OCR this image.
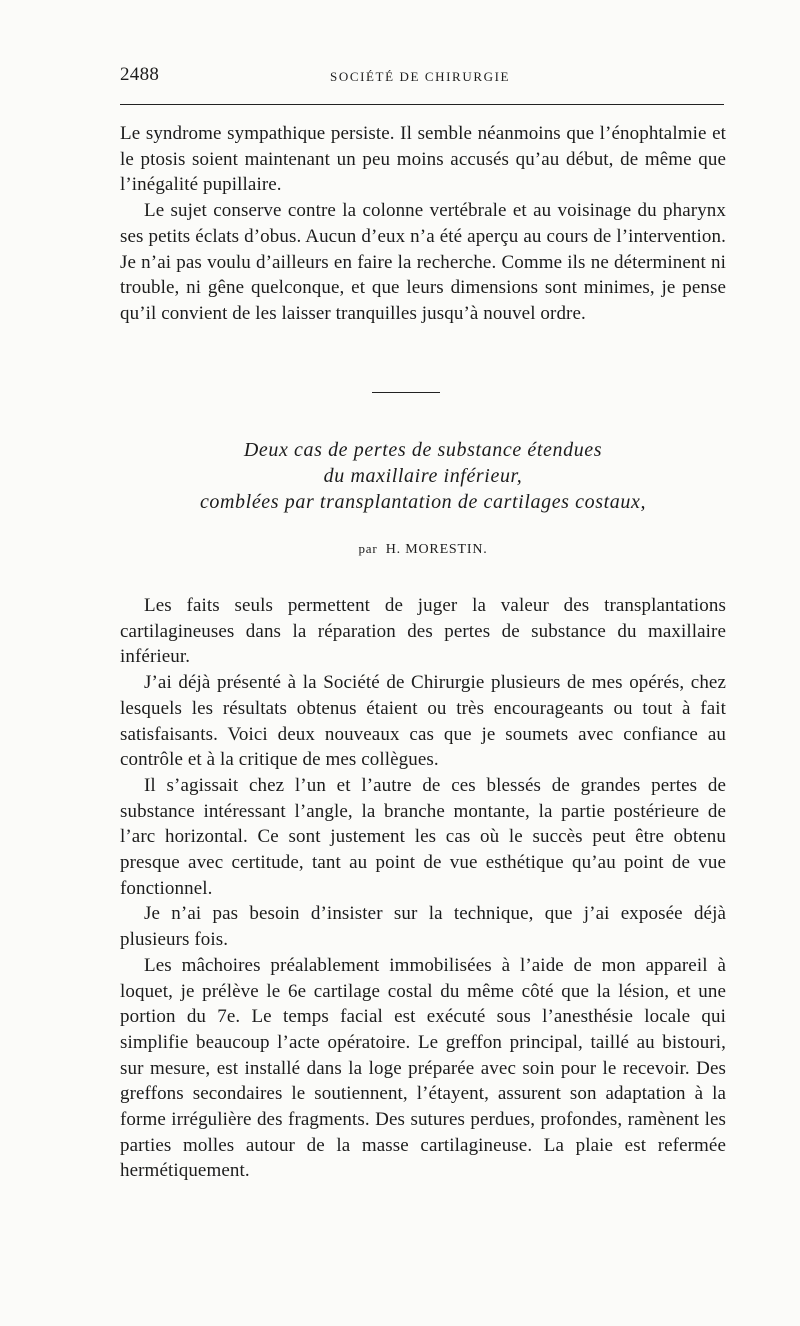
2488	SOCIÉTÉ DE CHIRURGIE

Le syndrome sympathique persiste. Il semble néanmoins que l’énophtalmie et le ptosis soient maintenant un peu moins accusés qu’au début, de même que l’inégalité pupillaire.

Le sujet conserve contre la colonne vertébrale et au voisinage du pharynx ses petits éclats d’obus. Aucun d’eux n’a été aperçu au cours de l’intervention. Je n’ai pas voulu d’ailleurs en faire la recherche. Comme ils ne déterminent ni trouble, ni gêne quelconque, et que leurs dimensions sont minimes, je pense qu’il convient de les laisser tranquilles jusqu’à nouvel ordre.

Deux cas de pertes de substance étendues
du maxillaire inférieur,
comblées par transplantation de cartilages costaux,
par H. MORESTIN.

Les faits seuls permettent de juger la valeur des transplantations cartilagineuses dans la réparation des pertes de substance du maxillaire inférieur.

J’ai déjà présenté à la Société de Chirurgie plusieurs de mes opérés, chez lesquels les résultats obtenus étaient ou très encourageants ou tout à fait satisfaisants. Voici deux nouveaux cas que je soumets avec confiance au contrôle et à la critique de mes collègues.

Il s’agissait chez l’un et l’autre de ces blessés de grandes pertes de substance intéressant l’angle, la branche montante, la partie postérieure de l’arc horizontal. Ce sont justement les cas où le succès peut être obtenu presque avec certitude, tant au point de vue esthétique qu’au point de vue fonctionnel.

Je n’ai pas besoin d’insister sur la technique, que j’ai exposée déjà plusieurs fois.

Les mâchoires préalablement immobilisées à l’aide de mon appareil à loquet, je prélève le 6e cartilage costal du même côté que la lésion, et une portion du 7e. Le temps facial est exécuté sous l’anesthésie locale qui simplifie beaucoup l’acte opératoire. Le greffon principal, taillé au bistouri, sur mesure, est installé dans la loge préparée avec soin pour le recevoir. Des greffons secondaires le soutiennent, l’étayent, assurent son adaptation à la forme irrégulière des fragments. Des sutures perdues, profondes, ramènent les parties molles autour de la masse cartilagineuse. La plaie est refermée hermétiquement.
